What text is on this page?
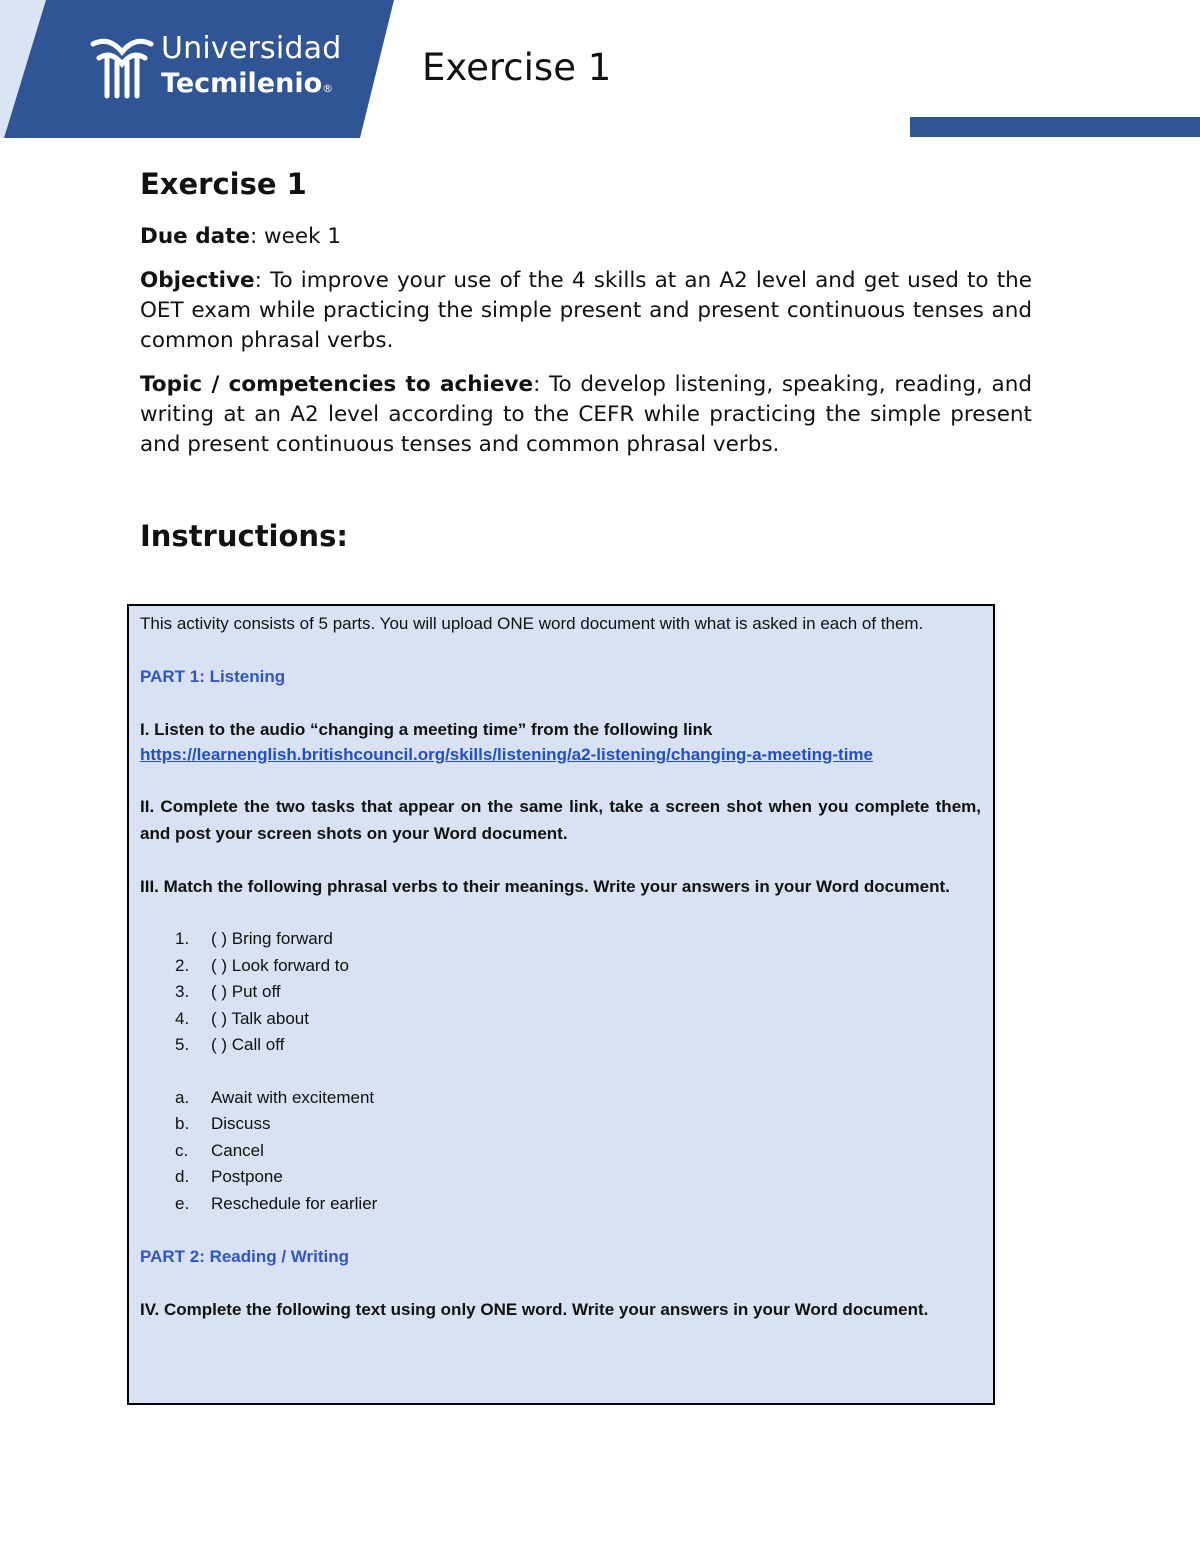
Universidad
Tecmilenio® Exercise 1
Exercise 1

Due date: week 1

Objective: To improve your use of the 4 skills at an A2 level and get used to the OET exam while practicing the simple present and present continuous tenses and common phrasal verbs.

Topic / competencies to achieve: To develop listening, speaking, reading, and writing at an A2 level according to the CEFR while practicing the simple present and present continuous tenses and common phrasal verbs.

Instructions:

This activity consists of 5 parts. You will upload ONE word document with what is asked in each of them.

PART 1: Listening

I. Listen to the audio “changing a meeting time” from the following link

https://learnenglish.britishcouncil.org/skills/listening/a2-listening/changing-a-meeting-time

II. Complete the two tasks that appear on the same link, take a screen shot when you complete them, and post your screen shots on your Word document.

III. Match the following phrasal verbs to their meanings. Write your answers in your Word document.

1.	( ) Bring forward
2.	( ) Look forward to
3.	( ) Put off
4.	( ) Talk about
5.	( ) Call off
a.	Await with excitement
b.	Discuss
c.	Cancel
d.	Postpone
e.	Reschedule for earlier

PART 2: Reading / Writing

IV. Complete the following text using only ONE word. Write your answers in your Word document.
